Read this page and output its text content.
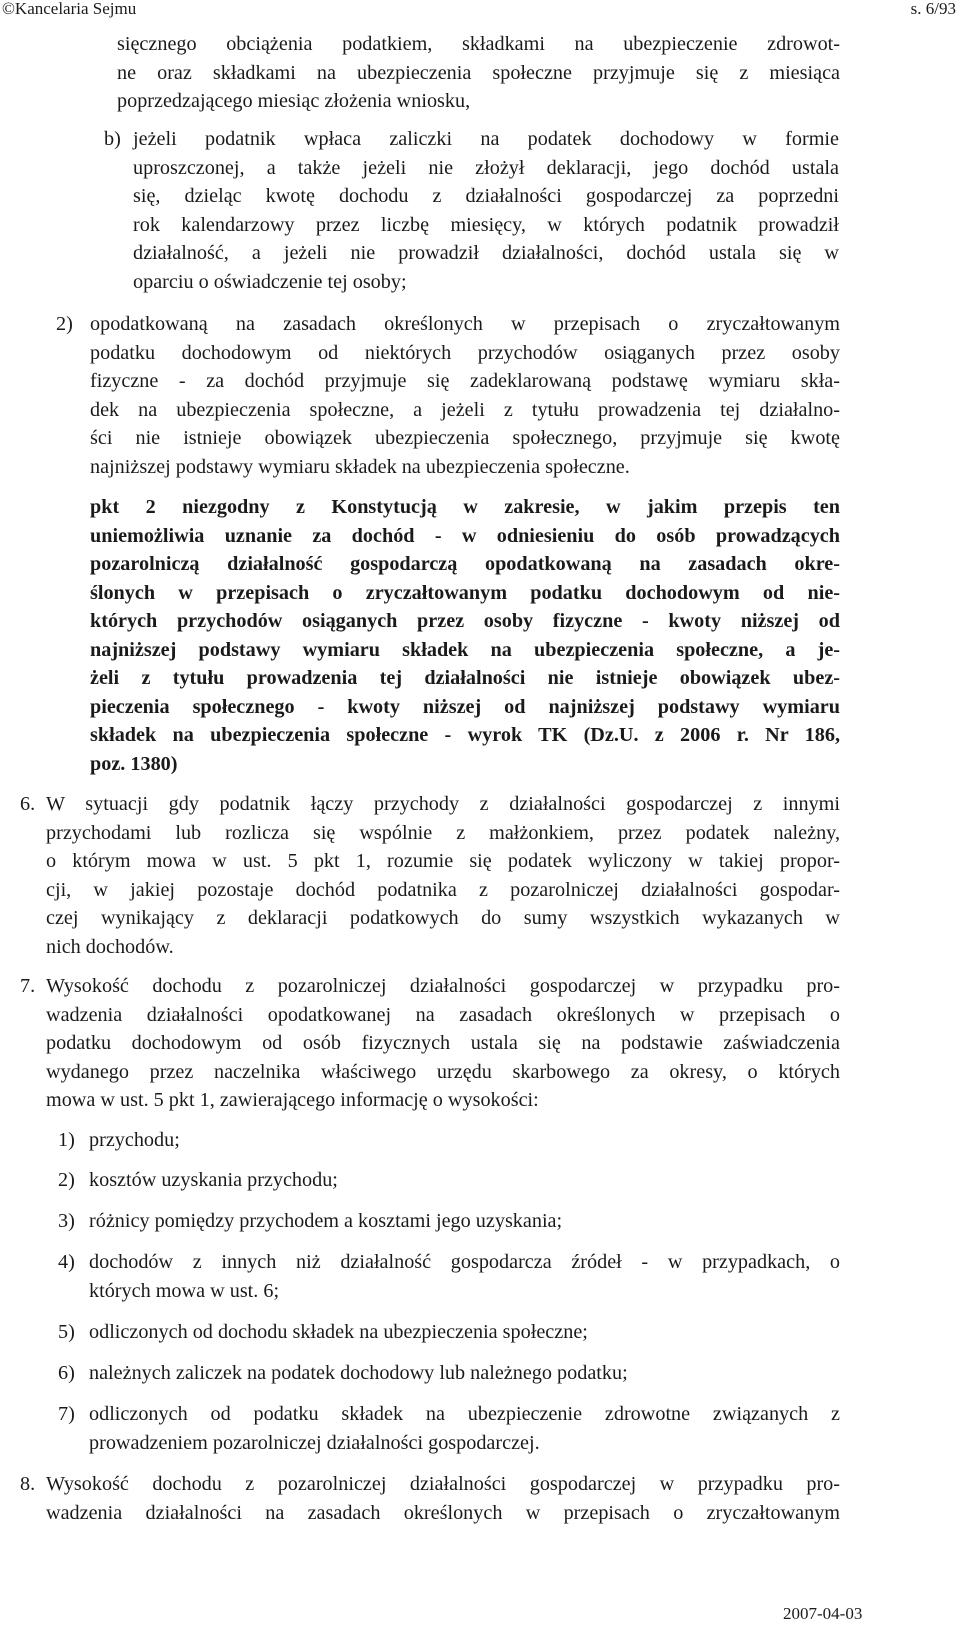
©Kancelaria Sejmu	s. 6/93
sięcznego obciążenia podatkiem, składkami na ubezpieczenie zdrowot-
ne oraz składkami na ubezpieczenia społeczne przyjmuje się z miesiąca
poprzedzającego miesiąc złożenia wniosku,
b) jeżeli podatnik wpłaca zaliczki na podatek dochodowy w formie
uproszczonej, a także jeżeli nie złożył deklaracji, jego dochód ustala
się, dzieląc kwotę dochodu z działalności gospodarczej za poprzedni
rok kalendarzowy przez liczbę miesięcy, w których podatnik prowadził
działalność, a jeżeli nie prowadził działalności, dochód ustala się w
oparciu o oświadczenie tej osoby;
2) opodatkowaną na zasadach określonych w przepisach o zryczałtowanym
podatku dochodowym od niektórych przychodów osiąganych przez osoby
fizyczne - za dochód przyjmuje się zadeklarowaną podstawę wymiaru skła-
dek na ubezpieczenia społeczne, a jeżeli z tytułu prowadzenia tej działalno-
ści nie istnieje obowiązek ubezpieczenia społecznego, przyjmuje się kwotę
najniższej podstawy wymiaru składek na ubezpieczenia społeczne.
pkt 2 niezgodny z Konstytucją w zakresie, w jakim przepis ten
uniemożliwia uznanie za dochód - w odniesieniu do osób prowadzących
pozarolniczą działalność gospodarczą opodatkowaną na zasadach okre-
ślonych w przepisach o zryczałtowanym podatku dochodowym od nie-
których przychodów osiąganych przez osoby fizyczne - kwoty niższej od
najniższej podstawy wymiaru składek na ubezpieczenia społeczne, a je-
żeli z tytułu prowadzenia tej działalności nie istnieje obowiązek ubez-
pieczenia społecznego - kwoty niższej od najniższej podstawy wymiaru
składek na ubezpieczenia społeczne - wyrok TK (Dz.U. z 2006 r. Nr 186,
poz. 1380)
6. W sytuacji gdy podatnik łączy przychody z działalności gospodarczej z innymi
przychodami lub rozlicza się wspólnie z małżonkiem, przez podatek należny,
o którym mowa w ust. 5 pkt 1, rozumie się podatek wyliczony w takiej propor-
cji, w jakiej pozostaje dochód podatnika z pozarolniczej działalności gospodar-
czej wynikający z deklaracji podatkowych do sumy wszystkich wykazanych w
nich dochodów.
7. Wysokość dochodu z pozarolniczej działalności gospodarczej w przypadku pro-
wadzenia działalności opodatkowanej na zasadach określonych w przepisach o
podatku dochodowym od osób fizycznych ustala się na podstawie zaświadczenia
wydanego przez naczelnika właściwego urzędu skarbowego za okresy, o których
mowa w ust. 5 pkt 1, zawierającego informację o wysokości:
1) przychodu;
2) kosztów uzyskania przychodu;
3) różnicy pomiędzy przychodem a kosztami jego uzyskania;
4) dochodów z innych niż działalność gospodarcza źródeł - w przypadkach, o
których mowa w ust. 6;
5) odliczonych od dochodu składek na ubezpieczenia społeczne;
6) należnych zaliczek na podatek dochodowy lub należnego podatku;
7) odliczonych od podatku składek na ubezpieczenie zdrowotne związanych z
prowadzeniem pozarolniczej działalności gospodarczej.
8. Wysokość dochodu z pozarolniczej działalności gospodarczej w przypadku pro-
wadzenia działalności na zasadach określonych w przepisach o zryczałtowanym
2007-04-03
